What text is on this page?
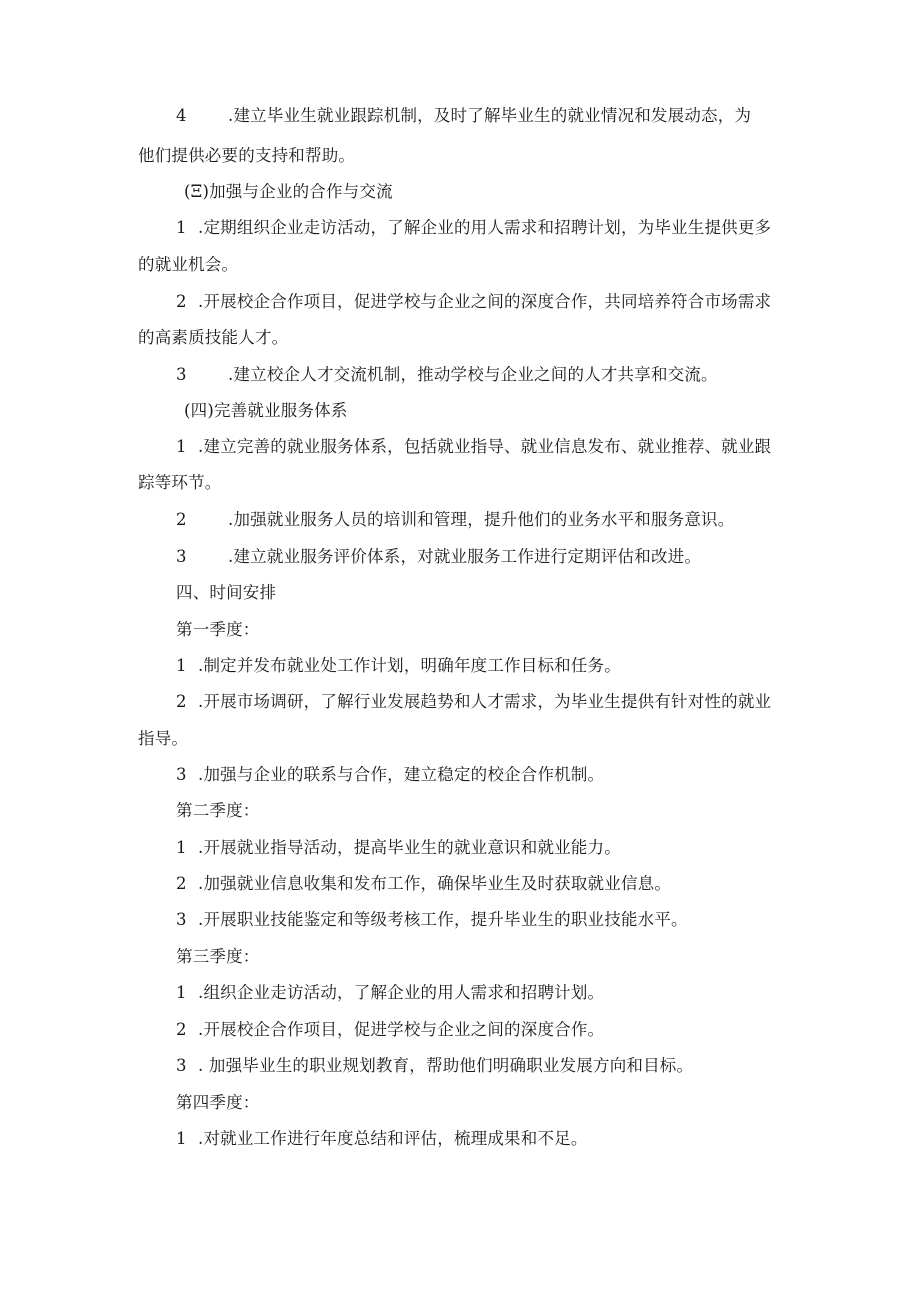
4	.建立毕业生就业跟踪机制，及时了解毕业生的就业情况和发展动态，为
他们提供必要的支持和帮助。
(Ξ)加强与企业的合作与交流
1 .定期组织企业走访活动，了解企业的用人需求和招聘计划，为毕业生提供更多
的就业机会。
2 .开展校企合作项目，促进学校与企业之间的深度合作，共同培养符合市场需求
的高素质技能人才。
3	.建立校企人才交流机制，推动学校与企业之间的人才共享和交流。
(四)完善就业服务体系
1 .建立完善的就业服务体系，包括就业指导、就业信息发布、就业推荐、就业跟
踪等环节。
2	.加强就业服务人员的培训和管理，提升他们的业务水平和服务意识。
3	.建立就业服务评价体系，对就业服务工作进行定期评估和改进。
四、时间安排
第一季度：
1 .制定并发布就业处工作计划，明确年度工作目标和任务。
2 .开展市场调研，了解行业发展趋势和人才需求，为毕业生提供有针对性的就业
指导。
3 .加强与企业的联系与合作，建立稳定的校企合作机制。
第二季度：
1 .开展就业指导活动，提高毕业生的就业意识和就业能力。
2 .加强就业信息收集和发布工作，确保毕业生及时获取就业信息。
3 .开展职业技能鉴定和等级考核工作，提升毕业生的职业技能水平。
第三季度：
1 .组织企业走访活动，了解企业的用人需求和招聘计划。
2 .开展校企合作项目，促进学校与企业之间的深度合作。
3 . 加强毕业生的职业规划教育，帮助他们明确职业发展方向和目标。
第四季度：
1 .对就业工作进行年度总结和评估，梳理成果和不足。
